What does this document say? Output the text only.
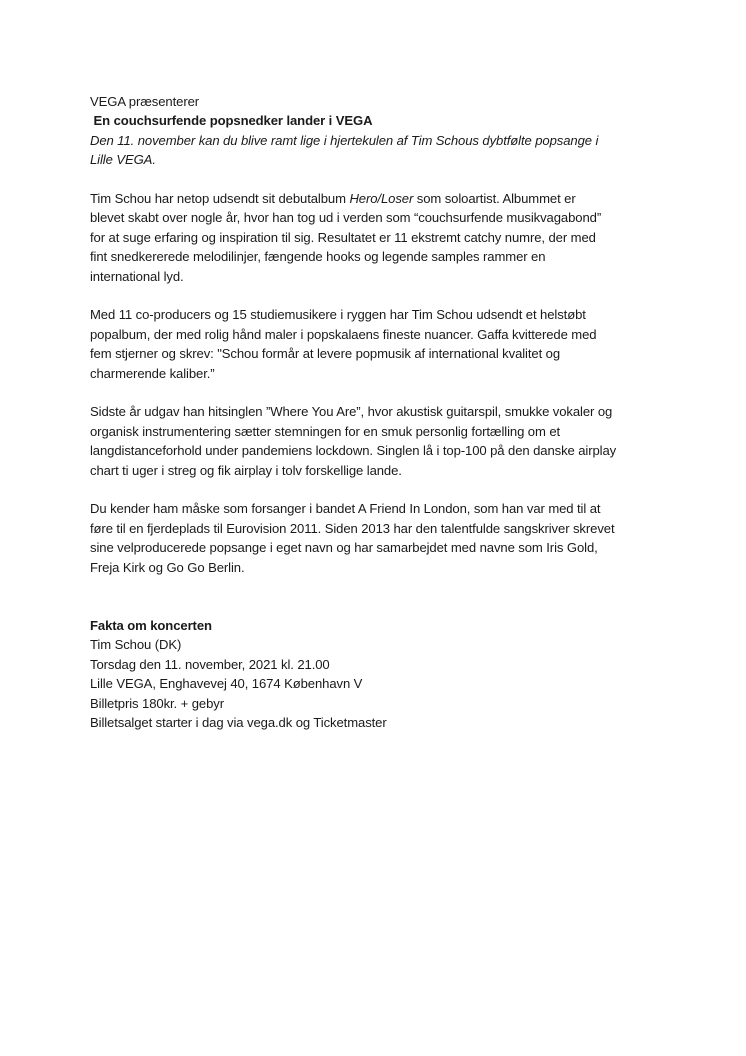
VEGA præsenterer
En couchsurfende popsnedker lander i VEGA
Den 11. november kan du blive ramt lige i hjertekulen af Tim Schous dybtfølte popsange i
Lille VEGA.
Tim Schou har netop udsendt sit debutalbum Hero/Loser som soloartist. Albummet er
blevet skabt over nogle år, hvor han tog ud i verden som “couchsurfende musikvagabond”
for at suge erfaring og inspiration til sig. Resultatet er 11 ekstremt catchy numre, der med
fint snedkererede melodilinjer, fængende hooks og legende samples rammer en
international lyd.
Med 11 co-producers og 15 studiemusikere i ryggen har Tim Schou udsendt et helstøbt
popalbum, der med rolig hånd maler i popskalaens fineste nuancer. Gaffa kvitterede med
fem stjerner og skrev: "Schou formår at levere popmusik af international kvalitet og
charmerende kaliber.”
Sidste år udgav han hitsinglen ”Where You Are”, hvor akustisk guitarspil, smukke vokaler og
organisk instrumentering sætter stemningen for en smuk personlig fortælling om et
langdistanceforhold under pandemiens lockdown. Singlen lå i top-100 på den danske airplay
chart ti uger i streg og fik airplay i tolv forskellige lande.
Du kender ham måske som forsanger i bandet A Friend In London, som han var med til at
føre til en fjerdeplads til Eurovision 2011. Siden 2013 har den talentfulde sangskriver skrevet
sine velproducerede popsange i eget navn og har samarbejdet med navne som Iris Gold,
Freja Kirk og Go Go Berlin.
Fakta om koncerten
Tim Schou (DK)
Torsdag den 11. november, 2021 kl. 21.00
Lille VEGA, Enghavevej 40, 1674 København V
Billetpris 180kr. + gebyr
Billetsalget starter i dag via vega.dk og Ticketmaster
